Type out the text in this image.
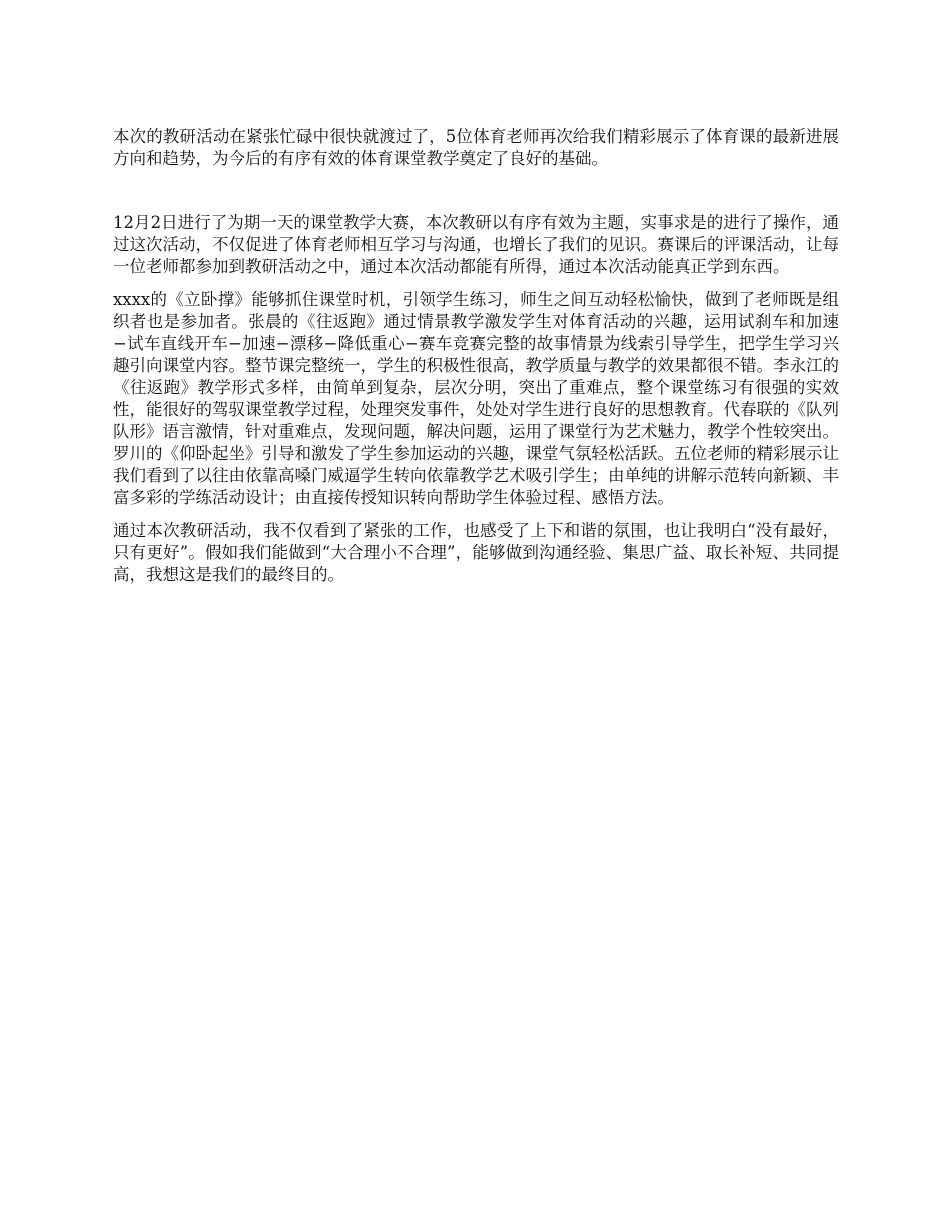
本次的教研活动在紧张忙碌中很快就渡过了，5位体育老师再次给我们精彩展示了体育课的最新进展方向和趋势，为今后的有序有效的体育课堂教学奠定了良好的基础。

12月2日进行了为期一天的课堂教学大赛，本次教研以有序有效为主题，实事求是的进行了操作，通过这次活动，不仅促进了体育老师相互学习与沟通，也增长了我们的见识。赛课后的评课活动，让每一位老师都参加到教研活动之中，通过本次活动都能有所得，通过本次活动能真正学到东西。

xxxx的《立卧撑》能够抓住课堂时机，引领学生练习，师生之间互动轻松愉快，做到了老师既是组织者也是参加者。张晨的《往返跑》通过情景教学激发学生对体育活动的兴趣，运用试刹车和加速−试车直线开车−加速−漂移−降低重心−赛车竞赛完整的故事情景为线索引导学生，把学生学习兴趣引向课堂内容。整节课完整统一，学生的积极性很高，教学质量与教学的效果都很不错。李永江的《往返跑》教学形式多样，由简单到复杂，层次分明，突出了重难点，整个课堂练习有很强的实效性，能很好的驾驭课堂教学过程，处理突发事件，处处对学生进行良好的思想教育。代春联的《队列队形》语言激情，针对重难点，发现问题，解决问题，运用了课堂行为艺术魅力，教学个性较突出。罗川的《仰卧起坐》引导和激发了学生参加运动的兴趣，课堂气氛轻松活跃。五位老师的精彩展示让我们看到了以往由依靠高嗓门威逼学生转向依靠教学艺术吸引学生；由单纯的讲解示范转向新颖、丰富多彩的学练活动设计；由直接传授知识转向帮助学生体验过程、感悟方法。

通过本次教研活动，我不仅看到了紧张的工作，也感受了上下和谐的氛围，也让我明白“没有最好，只有更好”。假如我们能做到“大合理小不合理”，能够做到沟通经验、集思广益、取长补短、共同提高，我想这是我们的最终目的。
